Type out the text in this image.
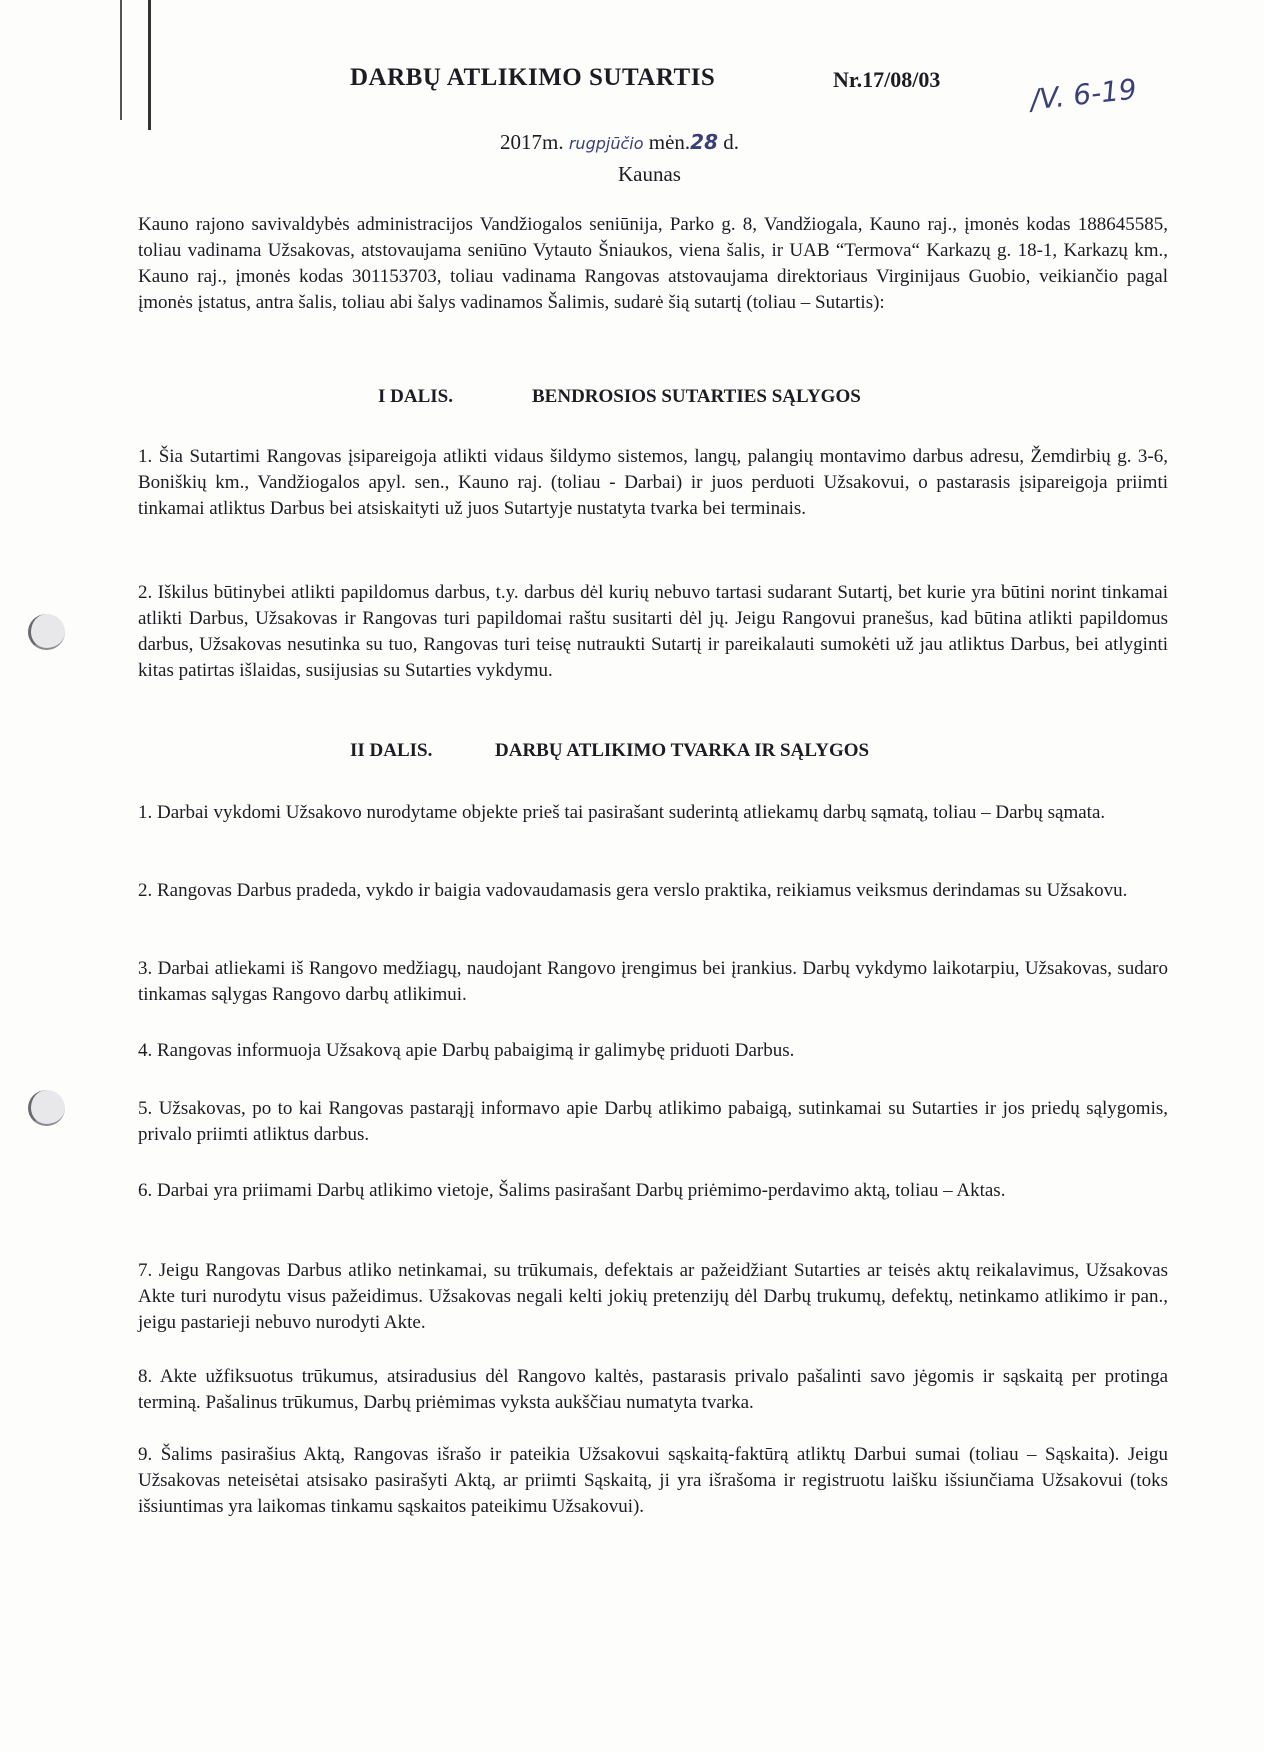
DARBŲ ATLIKIMO SUTARTIS	Nr.17/08/03	/V. 6-19
2017m. rugpjūčio mėn.28 d.
Kaunas
Kauno rajono savivaldybės administracijos Vandžiogalos seniūnija, Parko g. 8, Vandžiogala, Kauno raj., įmonės kodas 188645585, toliau vadinama Užsakovas, atstovaujama seniūno Vytauto Šniaukos, viena šalis, ir UAB “Termova“ Karkazų g. 18-1, Karkazų km., Kauno raj., įmonės kodas 301153703, toliau vadinama Rangovas atstovaujama direktoriaus Virginijaus Guobio, veikiančio pagal įmonės įstatus, antra šalis, toliau abi šalys vadinamos Šalimis, sudarė šią sutartį (toliau – Sutartis):
I DALIS.	BENDROSIOS SUTARTIES SĄLYGOS
1. Šia Sutartimi Rangovas įsipareigoja atlikti vidaus šildymo sistemos, langų, palangių montavimo darbus adresu, Žemdirbių g. 3-6, Boniškių km., Vandžiogalos apyl. sen., Kauno raj. (toliau - Darbai) ir juos perduoti Užsakovui, o pastarasis įsipareigoja priimti tinkamai atliktus Darbus bei atsiskaityti už juos Sutartyje nustatyta tvarka bei terminais.
2. Iškilus būtinybei atlikti papildomus darbus, t.y. darbus dėl kurių nebuvo tartasi sudarant Sutartį, bet kurie yra būtini norint tinkamai atlikti Darbus, Užsakovas ir Rangovas turi papildomai raštu susitarti dėl jų. Jeigu Rangovui pranešus, kad būtina atlikti papildomus darbus, Užsakovas nesutinka su tuo, Rangovas turi teisę nutraukti Sutartį ir pareikalauti sumokėti už jau atliktus Darbus, bei atlyginti kitas patirtas išlaidas, susijusias su Sutarties vykdymu.
II DALIS.	DARBŲ ATLIKIMO TVARKA IR SĄLYGOS
1. Darbai vykdomi Užsakovo nurodytame objekte prieš tai pasirašant suderintą atliekamų darbų sąmatą, toliau – Darbų sąmata.
2. Rangovas Darbus pradeda, vykdo ir baigia vadovaudamasis gera verslo praktika, reikiamus veiksmus derindamas su Užsakovu.
3. Darbai atliekami iš Rangovo medžiagų, naudojant Rangovo įrengimus bei įrankius. Darbų vykdymo laikotarpiu, Užsakovas, sudaro tinkamas sąlygas Rangovo darbų atlikimui.
4. Rangovas informuoja Užsakovą apie Darbų pabaigimą ir galimybę priduoti Darbus.
5. Užsakovas, po to kai Rangovas pastarąjį informavo apie Darbų atlikimo pabaigą, sutinkamai su Sutarties ir jos priedų sąlygomis, privalo priimti atliktus darbus.
6. Darbai yra priimami Darbų atlikimo vietoje, Šalims pasirašant Darbų priėmimo-perdavimo aktą, toliau – Aktas.
7. Jeigu Rangovas Darbus atliko netinkamai, su trūkumais, defektais ar pažeidžiant Sutarties ar teisės aktų reikalavimus, Užsakovas Akte turi nurodytu visus pažeidimus. Užsakovas negali kelti jokių pretenzijų dėl Darbų trukumų, defektų, netinkamo atlikimo ir pan., jeigu pastarieji nebuvo nurodyti Akte.
8. Akte užfiksuotus trūkumus, atsiradusius dėl Rangovo kaltės, pastarasis privalo pašalinti savo jėgomis ir sąskaitą per protinga terminą. Pašalinus trūkumus, Darbų priėmimas vyksta aukščiau numatyta tvarka.
9. Šalims pasirašius Aktą, Rangovas išrašo ir pateikia Užsakovui sąskaitą-faktūrą atliktų Darbui sumai (toliau – Sąskaita). Jeigu Užsakovas neteisėtai atsisako pasirašyti Aktą, ar priimti Sąskaitą, ji yra išrašoma ir registruotu laišku išsiunčiama Užsakovui (toks išsiuntimas yra laikomas tinkamu sąskaitos pateikimu Užsakovui).
